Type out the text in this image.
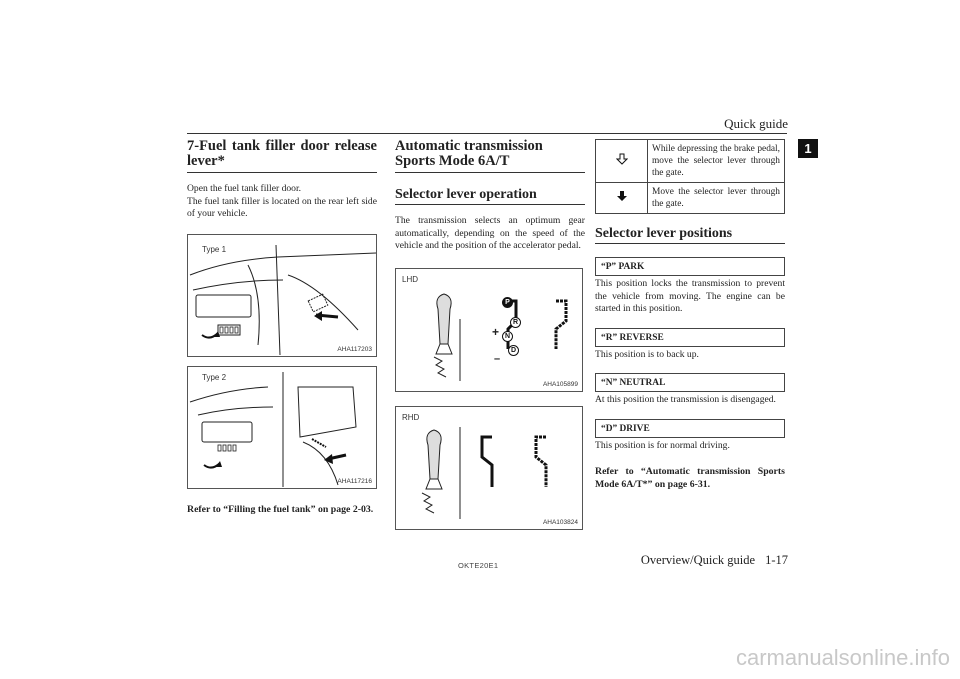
Quick guide
1
7-Fuel tank filler door release lever*
Open the fuel tank filler door.
The fuel tank filler is located on the rear left side of your vehicle.
Type 1
AHA117203
Type 2
AHA117216
Refer to “Filling the fuel tank” on page 2-03.
Automatic transmission Sports Mode 6A/T
Selector lever operation
The transmission selects an optimum gear automatically, depending on the speed of the vehicle and the position of the accelerator pedal.
LHD
P
R
N
D
+
–
AHA105899
RHD
AHA103824
	While depressing the brake pedal, move the selector lever through the gate.
	Move the selector lever through the gate.
Selector lever positions
“P” PARK
This position locks the transmission to prevent the vehicle from moving. The engine can be started in this position.
“R” REVERSE
This position is to back up.
“N” NEUTRAL
At this position the transmission is disengaged.
“D” DRIVE
This position is for normal driving.
Refer to “Automatic transmission Sports Mode 6A/T*” on page 6-31.
OKTE20E1	Overview/Quick guide 1-17
carmanualsonline.info
